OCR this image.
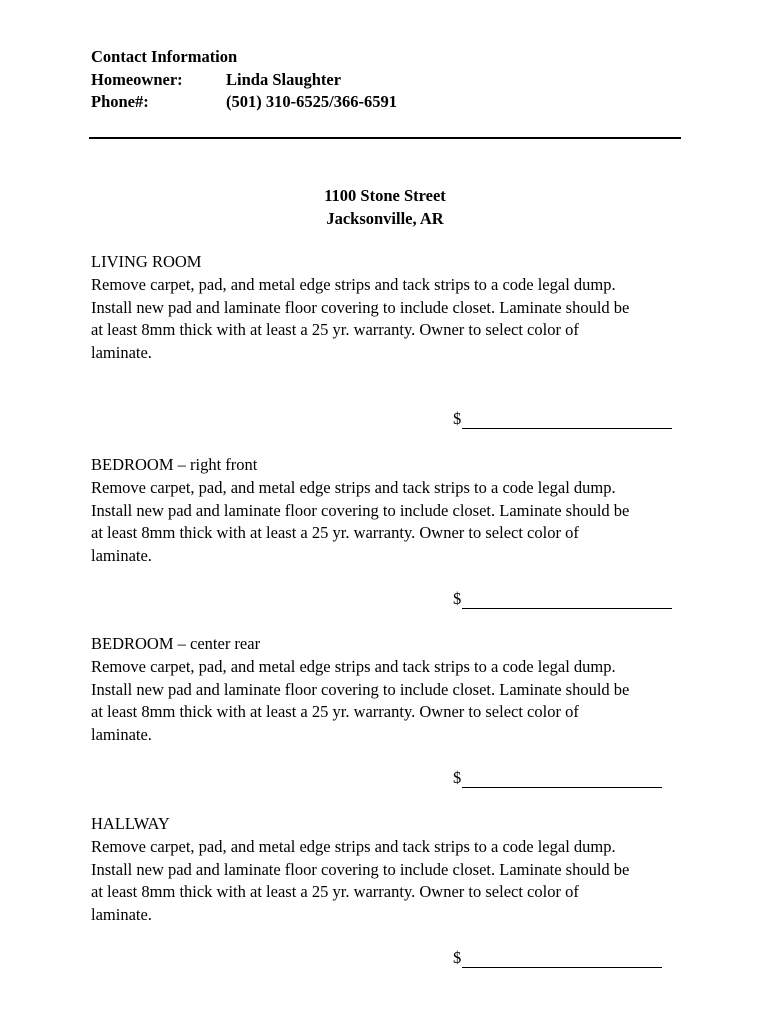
Contact Information
Homeowner:	Linda Slaughter
Phone#:	(501) 310-6525/366-6591
1100 Stone Street
Jacksonville, AR
LIVING ROOM
Remove carpet, pad, and metal edge strips and tack strips to a code legal dump.
Install new pad and laminate floor covering to include closet. Laminate should be
at least 8mm thick with at least a 25 yr. warranty. Owner to select color of
laminate.
$
BEDROOM – right front
Remove carpet, pad, and metal edge strips and tack strips to a code legal dump.
Install new pad and laminate floor covering to include closet. Laminate should be
at least 8mm thick with at least a 25 yr. warranty. Owner to select color of
laminate.
$
BEDROOM – center rear
Remove carpet, pad, and metal edge strips and tack strips to a code legal dump.
Install new pad and laminate floor covering to include closet. Laminate should be
at least 8mm thick with at least a 25 yr. warranty. Owner to select color of
laminate.
$
HALLWAY
Remove carpet, pad, and metal edge strips and tack strips to a code legal dump.
Install new pad and laminate floor covering to include closet. Laminate should be
at least 8mm thick with at least a 25 yr. warranty. Owner to select color of
laminate.
$
